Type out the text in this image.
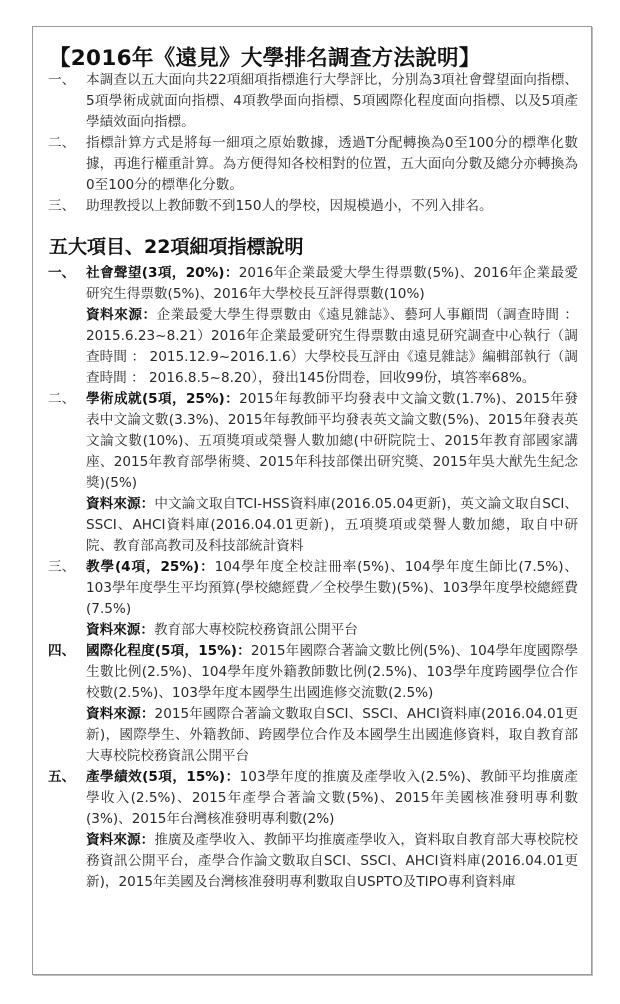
【2016年《遠見》大學排名調查方法說明】
一、 本調查以五大面向共22項細項指標進行大學評比，分別為3項社會聲望面向指標、5項學術成就面向指標、4項教學面向指標、5項國際化程度面向指標、以及5項產學績效面向指標。

二、 指標計算方式是將每一細項之原始數據，透過T分配轉換為0至100分的標準化數據，再進行權重計算。為方便得知各校相對的位置，五大面向分數及總分亦轉換為0至100分的標準化分數。

三、 助理教授以上教師數不到150人的學校，因規模過小，不列入排名。

五大項目、22項細項指標說明
一、 社會聲望(3項，20%)：2016年企業最愛大學生得票數(5%)、2016年企業最愛研究生得票數(5%)、2016年大學校長互評得票數(10%)

資料來源：企業最愛大學生得票數由《遠見雜誌》、藝珂人事顧問（調查時間 ： 2015.6.23~8.21）2016年企業最愛研究生得票數由遠見研究調查中心執行（調查時間 ： 2015.12.9~2016.1.6）大學校長互評由《遠見雜誌》編輯部執行（調查時間 ： 2016.8.5~8.20），發出145份問卷，回收99份，填答率68%。

二、 學術成就(5項，25%)：2015年每教師平均發表中文論文數(1.7%)、2015年發表中文論文數(3.3%)、2015年每教師平均發表英文論文數(5%)、2015年發表英文論文數(10%)、五項獎項或榮譽人數加總(中研院院士、2015年教育部國家講座、2015年教育部學術獎、2015年科技部傑出研究獎、2015年吳大猷先生紀念獎)(5%)

資料來源：中文論文取自TCI-HSS資料庫(2016.05.04更新)，英文論文取自SCI、SSCI、AHCI資料庫(2016.04.01更新)，五項獎項或榮譽人數加總，取自中研院、教育部高教司及科技部統計資料

三、 教學(4項，25%)：104學年度全校註冊率(5%)、104學年度生師比(7.5%)、103學年度學生平均預算(學校總經費／全校學生數)(5%)、103學年度學校總經費(7.5%)

資料來源：教育部大專校院校務資訊公開平台

四、 國際化程度(5項，15%)：2015年國際合著論文數比例(5%)、104學年度國際學生數比例(2.5%)、104學年度外籍教師數比例(2.5%)、103學年度跨國學位合作校數(2.5%)、103學年度本國學生出國進修交流數(2.5%)

資料來源：2015年國際合著論文數取自SCI、SSCI、AHCI資料庫(2016.04.01更新)，國際學生、外籍教師、跨國學位合作及本國學生出國進修資料，取自教育部大專校院校務資訊公開平台

五、 產學績效(5項，15%)：103學年度的推廣及產學收入(2.5%)、教師平均推廣產學收入(2.5%)、2015年產學合著論文數(5%)、2015年美國核准發明專利數(3%)、2015年台灣核准發明專利數(2%)

資料來源：推廣及產學收入、教師平均推廣產學收入，資料取自教育部大專校院校務資訊公開平台，產學合作論文數取自SCI、SSCI、AHCI資料庫(2016.04.01更新)，2015年美國及台灣核准發明專利數取自USPTO及TIPO專利資料庫
